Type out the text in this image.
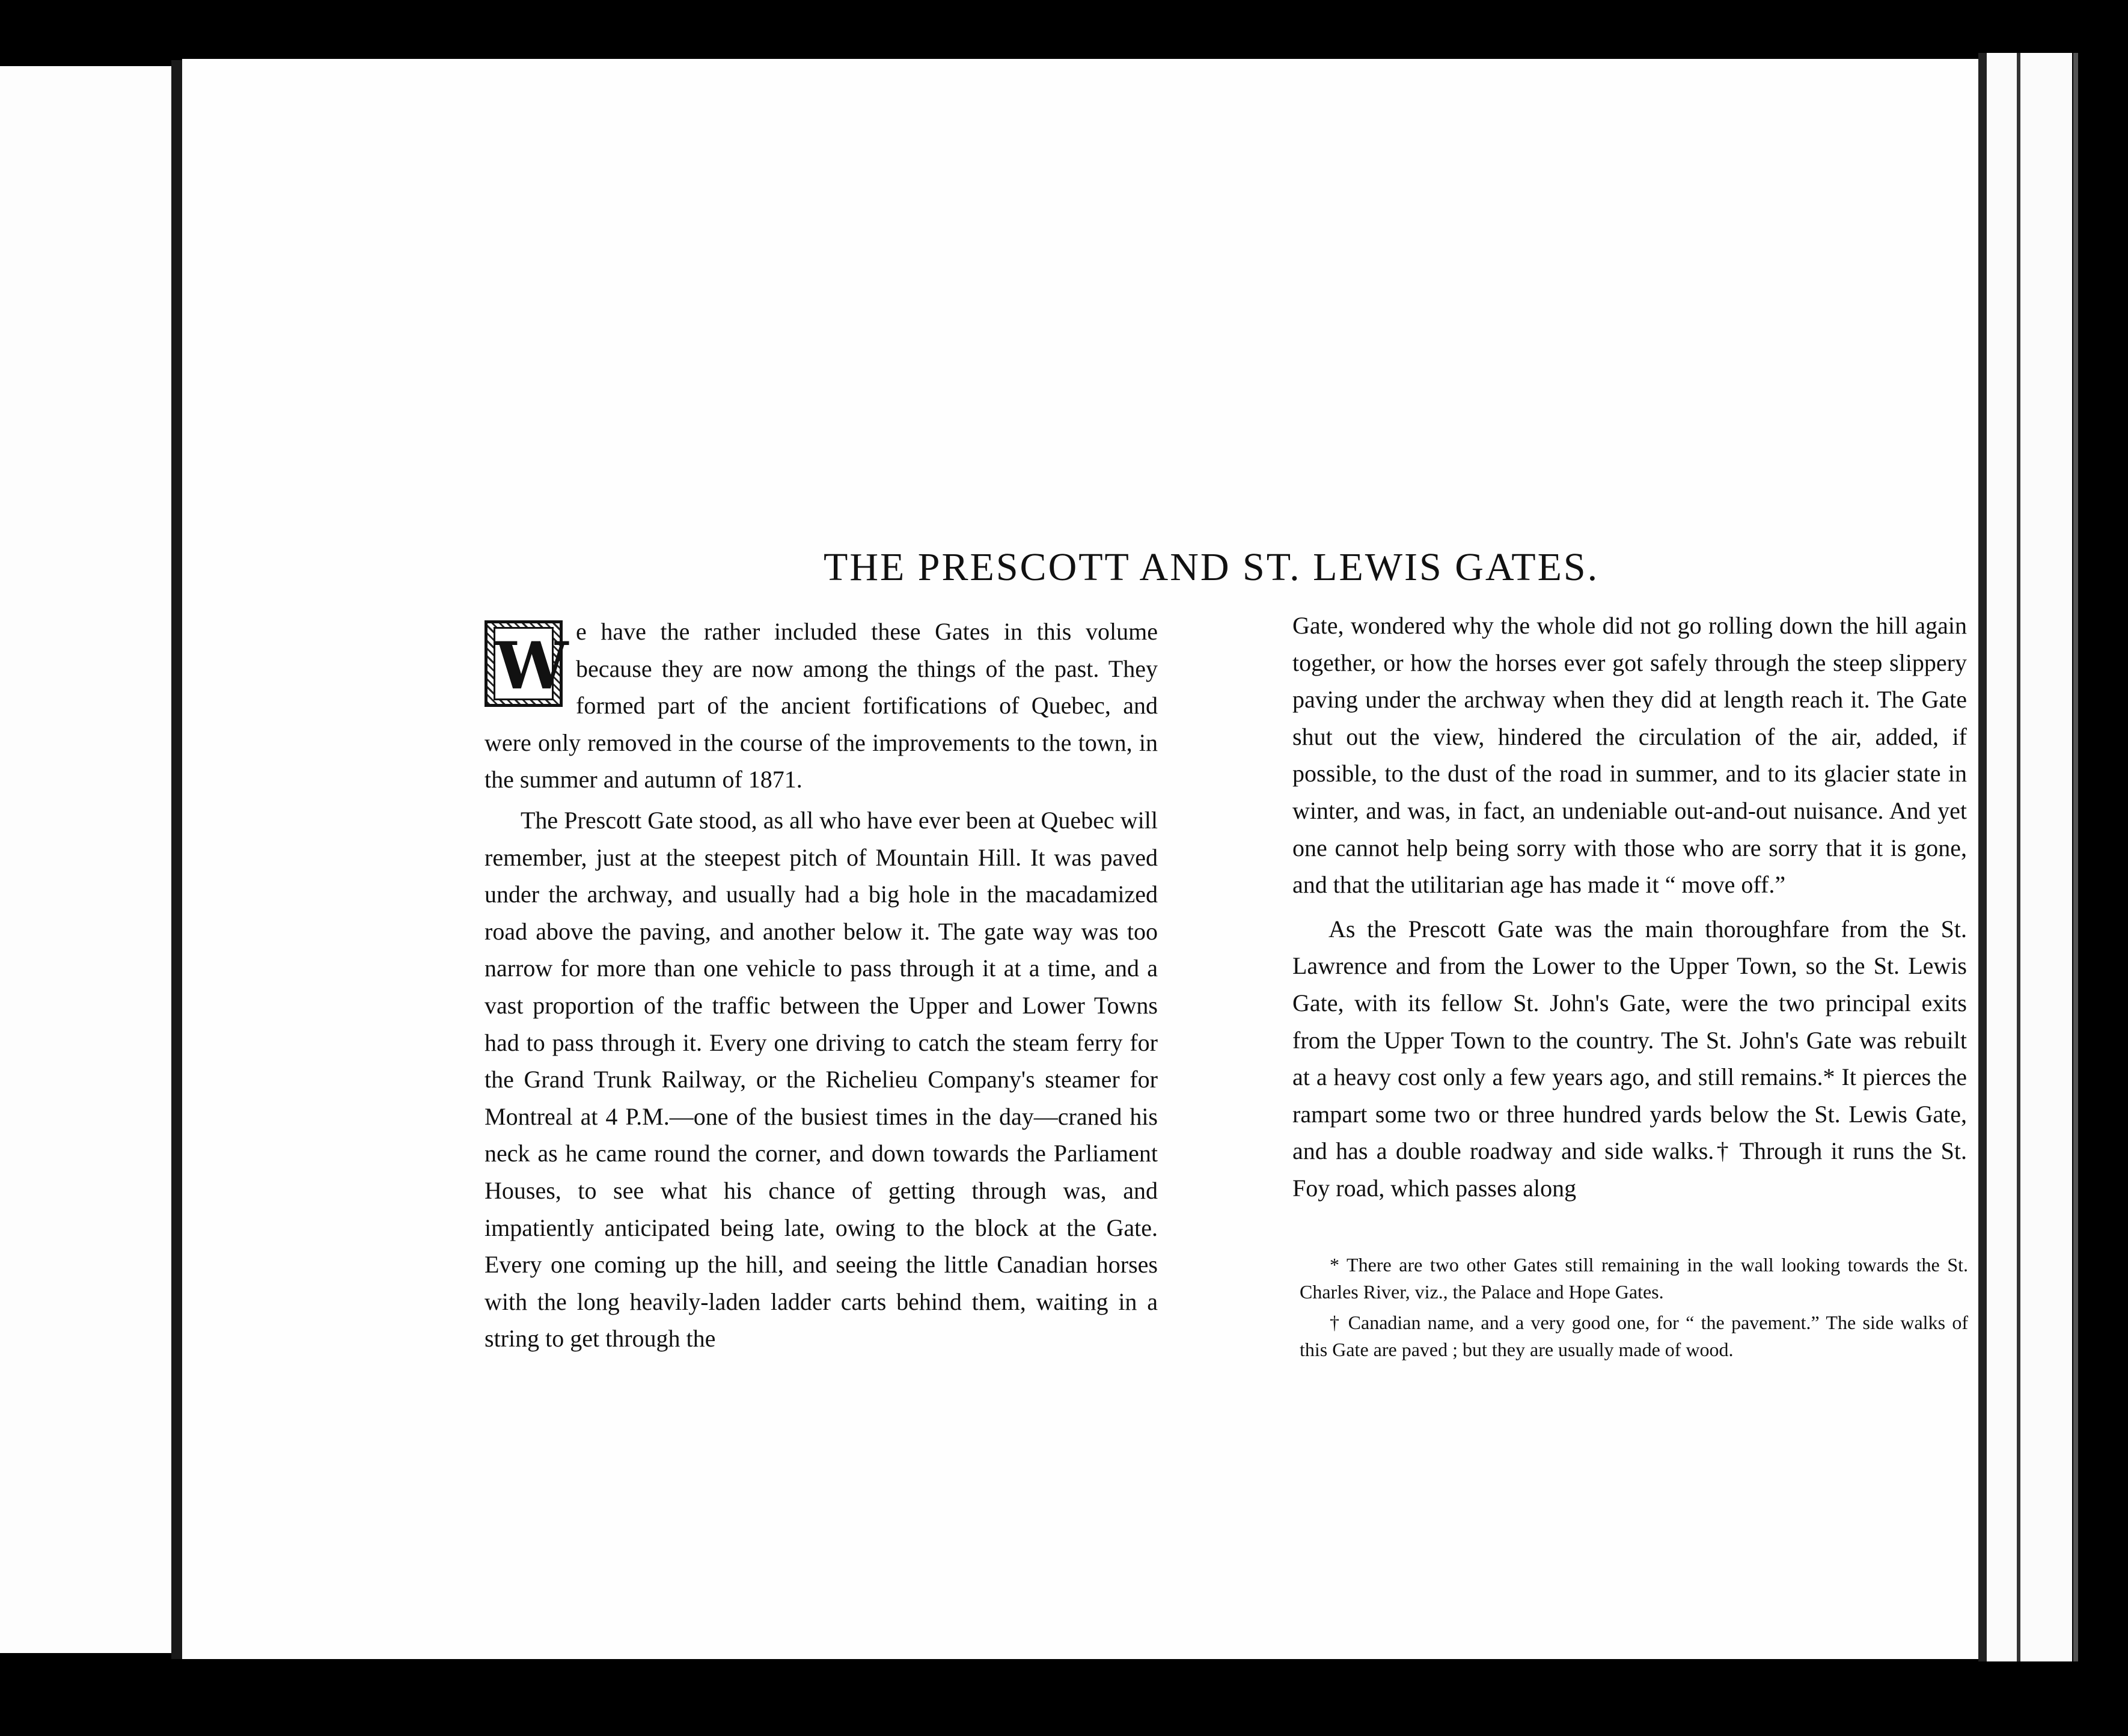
THE PRESCOTT AND ST. LEWIS GATES.

W e have the rather included these Gates in this volume because they are now among the things of the past. They formed part of the ancient fortifications of Quebec, and were only removed in the course of the improvements to the town, in the summer and autumn of 1871.

The Prescott Gate stood, as all who have ever been at Quebec will remember, just at the steepest pitch of Mountain Hill. It was paved under the archway, and usually had a big hole in the macadamized road above the paving, and another below it. The gate way was too narrow for more than one vehicle to pass through it at a time, and a vast proportion of the traffic between the Upper and Lower Towns had to pass through it. Every one driving to catch the steam ferry for the Grand Trunk Railway, or the Richelieu Company's steamer for Montreal at 4 P.M.—one of the busiest times in the day—craned his neck as he came round the corner, and down towards the Parliament Houses, to see what his chance of getting through was, and impatiently anticipated being late, owing to the block at the Gate. Every one coming up the hill, and seeing the little Canadian horses with the long heavily-laden ladder carts behind them, waiting in a string to get through the

Gate, wondered why the whole did not go rolling down the hill again together, or how the horses ever got safely through the steep slippery paving under the archway when they did at length reach it. The Gate shut out the view, hindered the circulation of the air, added, if possible, to the dust of the road in summer, and to its glacier state in winter, and was, in fact, an undeniable out-and-out nuisance. And yet one cannot help being sorry with those who are sorry that it is gone, and that the utilitarian age has made it “ move off.”

As the Prescott Gate was the main thoroughfare from the St. Lawrence and from the Lower to the Upper Town, so the St. Lewis Gate, with its fellow St. John's Gate, were the two principal exits from the Upper Town to the country. The St. John's Gate was rebuilt at a heavy cost only a few years ago, and still remains.* It pierces the rampart some two or three hundred yards below the St. Lewis Gate, and has a double roadway and side walks.† Through it runs the St. Foy road, which passes along

* There are two other Gates still remaining in the wall looking towards the St. Charles River, viz., the Palace and Hope Gates.

† Canadian name, and a very good one, for “ the pavement.” The side walks of this Gate are paved ; but they are usually made of wood.
